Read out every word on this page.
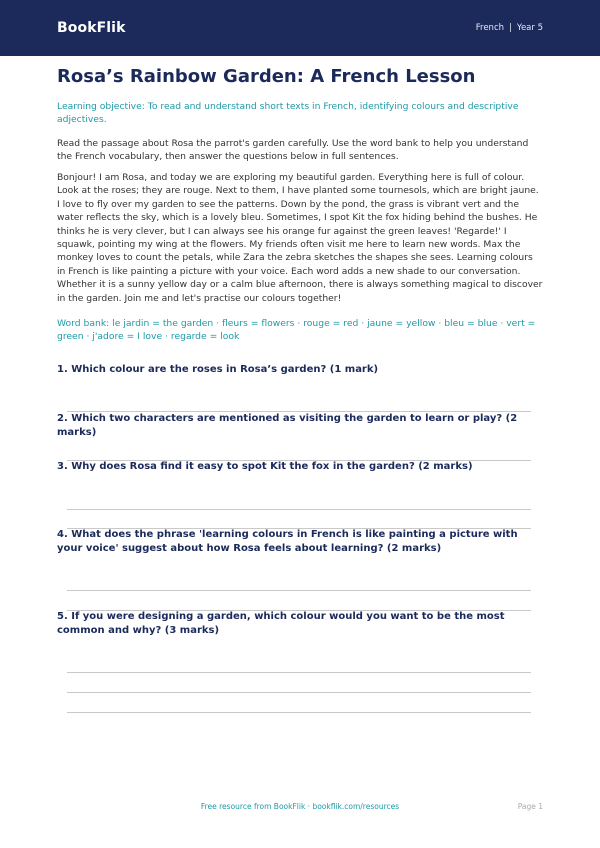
BookFlik	French | Year 5
Rosa’s Rainbow Garden: A French Lesson

Learning objective: To read and understand short texts in French, identifying colours and descriptive adjectives.

Read the passage about Rosa the parrot's garden carefully. Use the word bank to help you understand the French vocabulary, then answer the questions below in full sentences.

Bonjour! I am Rosa, and today we are exploring my beautiful garden. Everything here is full of colour. Look at the roses; they are rouge. Next to them, I have planted some tournesols, which are bright jaune. I love to fly over my garden to see the patterns. Down by the pond, the grass is vibrant vert and the water reflects the sky, which is a lovely bleu. Sometimes, I spot Kit the fox hiding behind the bushes. He thinks he is very clever, but I can always see his orange fur against the green leaves! 'Regarde!' I squawk, pointing my wing at the flowers. My friends often visit me here to learn new words. Max the monkey loves to count the petals, while Zara the zebra sketches the shapes she sees. Learning colours in French is like painting a picture with your voice. Each word adds a new shade to our conversation. Whether it is a sunny yellow day or a calm blue afternoon, there is always something magical to discover in the garden. Join me and let's practise our colours together!

Word bank: le jardin = the garden · fleurs = flowers · rouge = red · jaune = yellow · bleu = blue · vert = green · j'adore = I love · regarde = look

1. Which colour are the roses in Rosa’s garden? (1 mark)
2. Which two characters are mentioned as visiting the garden to learn or play? (2 marks)
3. Why does Rosa find it easy to spot Kit the fox in the garden? (2 marks)
4. What does the phrase 'learning colours in French is like painting a picture with your voice' suggest about how Rosa feels about learning? (2 marks)
5. If you were designing a garden, which colour would you want to be the most common and why? (3 marks)
Free resource from BookFlik · bookflik.com/resources	Page 1
